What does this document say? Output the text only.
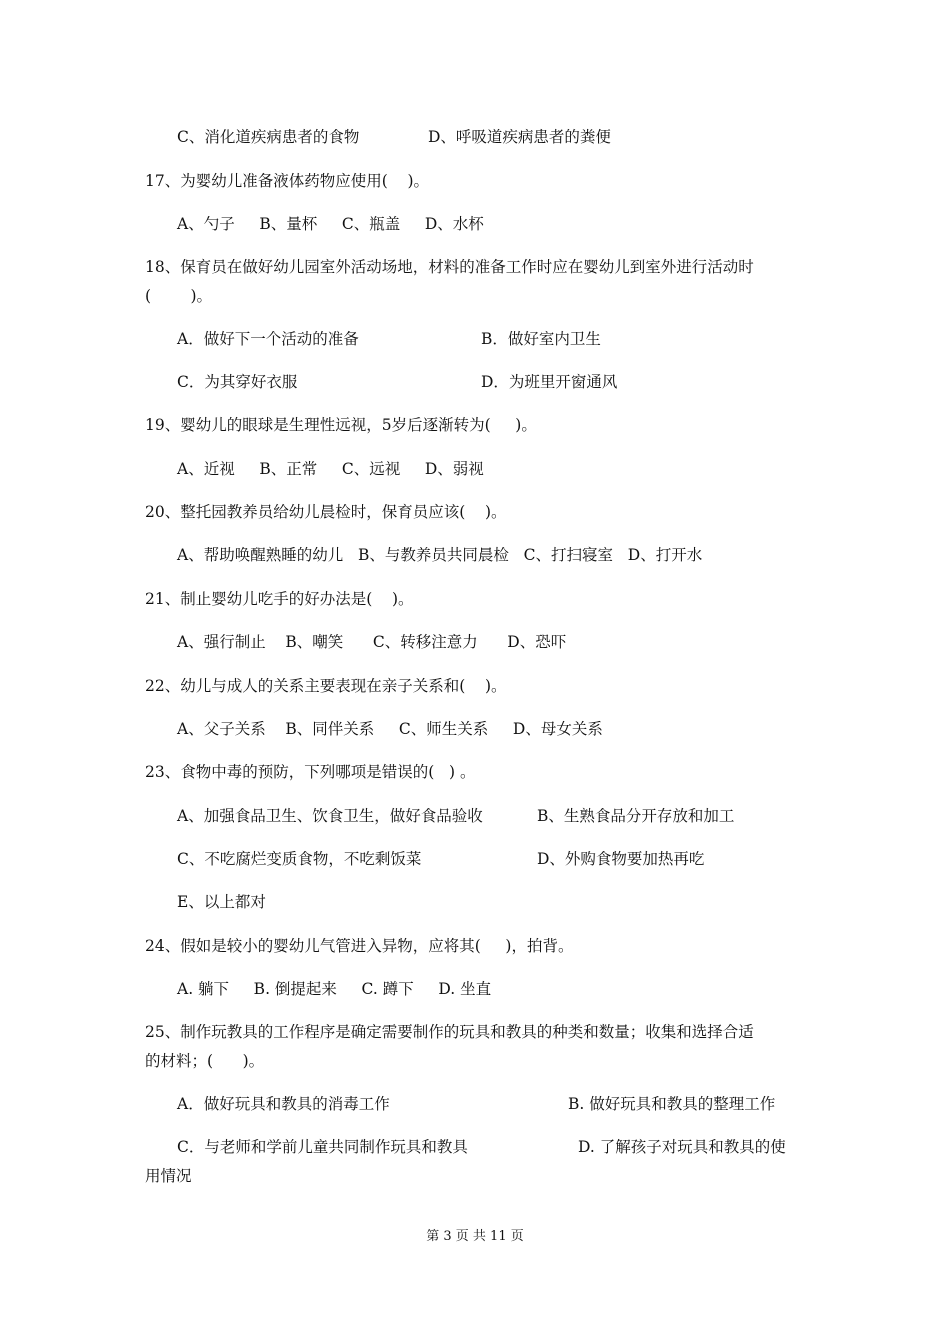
C、消化道疾病患者的食物	D、呼吸道疾病患者的粪便
17、为婴幼儿准备液体药物应使用(    )。
A、勺子     B、量杯     C、瓶盖     D、水杯
18、保育员在做好幼儿园室外活动场地，材料的准备工作时应在婴幼儿到室外进行活动时
(        )。
A．做好下一个活动的准备	B．做好室内卫生
C．为其穿好衣服	D．为班里开窗通风
19、婴幼儿的眼球是生理性远视，5岁后逐渐转为(     )。
A、近视     B、正常     C、远视     D、弱视
20、整托园教养员给幼儿晨检时，保育员应该(    )。
A、帮助唤醒熟睡的幼儿   B、与教养员共同晨检   C、打扫寝室   D、打开水
21、制止婴幼儿吃手的好办法是(    )。
A、强行制止    B、嘲笑      C、转移注意力      D、恐吓
22、幼儿与成人的关系主要表现在亲子关系和(    )。
A、父子关系    B、同伴关系     C、师生关系     D、母女关系
23、食物中毒的预防，下列哪项是错误的(   ) 。
A、加强食品卫生、饮食卫生，做好食品验收	B、生熟食品分开存放和加工
C、不吃腐烂变质食物，不吃剩饭菜	D、外购食物要加热再吃
E、以上都对
24、假如是较小的婴幼儿气管进入异物，应将其(     )，拍背。
A. 躺下     B. 倒提起来     C. 蹲下     D. 坐直
25、制作玩教具的工作程序是确定需要制作的玩具和教具的种类和数量；收集和选择合适
的材料；(      )。
A．做好玩具和教具的消毒工作	B. 做好玩具和教具的整理工作
C．与老师和学前儿童共同制作玩具和教具	D. 了解孩子对玩具和教具的使
用情况
第 3 页 共 11 页
